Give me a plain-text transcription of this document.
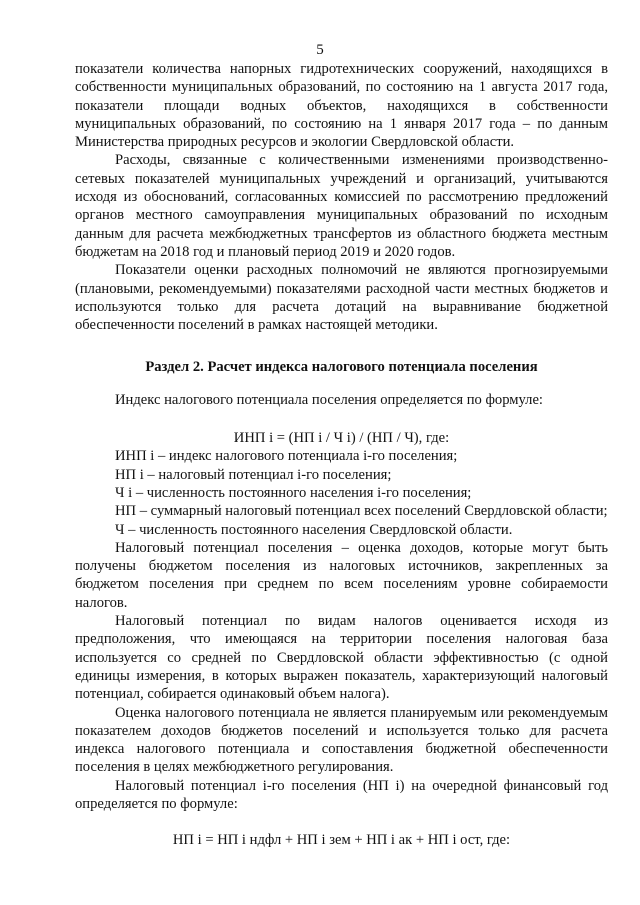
5

показатели количества напорных гидротехнических сооружений, находящихся в собственности муниципальных образований, по состоянию на 1 августа 2017 года, показатели площади водных объектов, находящихся в собственности муниципальных образований, по состоянию на 1 января 2017 года – по данным Министерства природных ресурсов и экологии Свердловской области.

Расходы, связанные с количественными изменениями производственно-сетевых показателей муниципальных учреждений и организаций, учитываются исходя из обоснований, согласованных комиссией по рассмотрению предложений органов местного самоуправления муниципальных образований по исходным данным для расчета межбюджетных трансфертов из областного бюджета местным бюджетам на 2018 год и плановый период 2019 и 2020 годов.

Показатели оценки расходных полномочий не являются прогнозируемыми (плановыми, рекомендуемыми) показателями расходной части местных бюджетов и используются только для расчета дотаций на выравнивание бюджетной обеспеченности поселений в рамках настоящей методики.

Раздел 2. Расчет индекса налогового потенциала поселения

Индекс налогового потенциала поселения определяется по формуле:

ИНП i = (НП i / Ч i) / (НП / Ч), где:

ИНП i – индекс налогового потенциала i-го поселения;

НП i – налоговый потенциал i-го поселения;

Ч i – численность постоянного населения i-го поселения;

НП – суммарный налоговый потенциал всех поселений Свердловской области;

Ч – численность постоянного населения Свердловской области.

Налоговый потенциал поселения – оценка доходов, которые могут быть получены бюджетом поселения из налоговых источников, закрепленных за бюджетом поселения при среднем по всем поселениям уровне собираемости налогов.

Налоговый потенциал по видам налогов оценивается исходя из предположения, что имеющаяся на территории поселения налоговая база используется со средней по Свердловской области эффективностью (с одной единицы измерения, в которых выражен показатель, характеризующий налоговый потенциал, собирается одинаковый объем налога).

Оценка налогового потенциала не является планируемым или рекомендуемым показателем доходов бюджетов поселений и используется только для расчета индекса налогового потенциала и сопоставления бюджетной обеспеченности поселения в целях межбюджетного регулирования.

Налоговый потенциал i-го поселения (НП i) на очередной финансовый год определяется по формуле:

НП i = НП i ндфл + НП i зем + НП i ак + НП i ост, где:
